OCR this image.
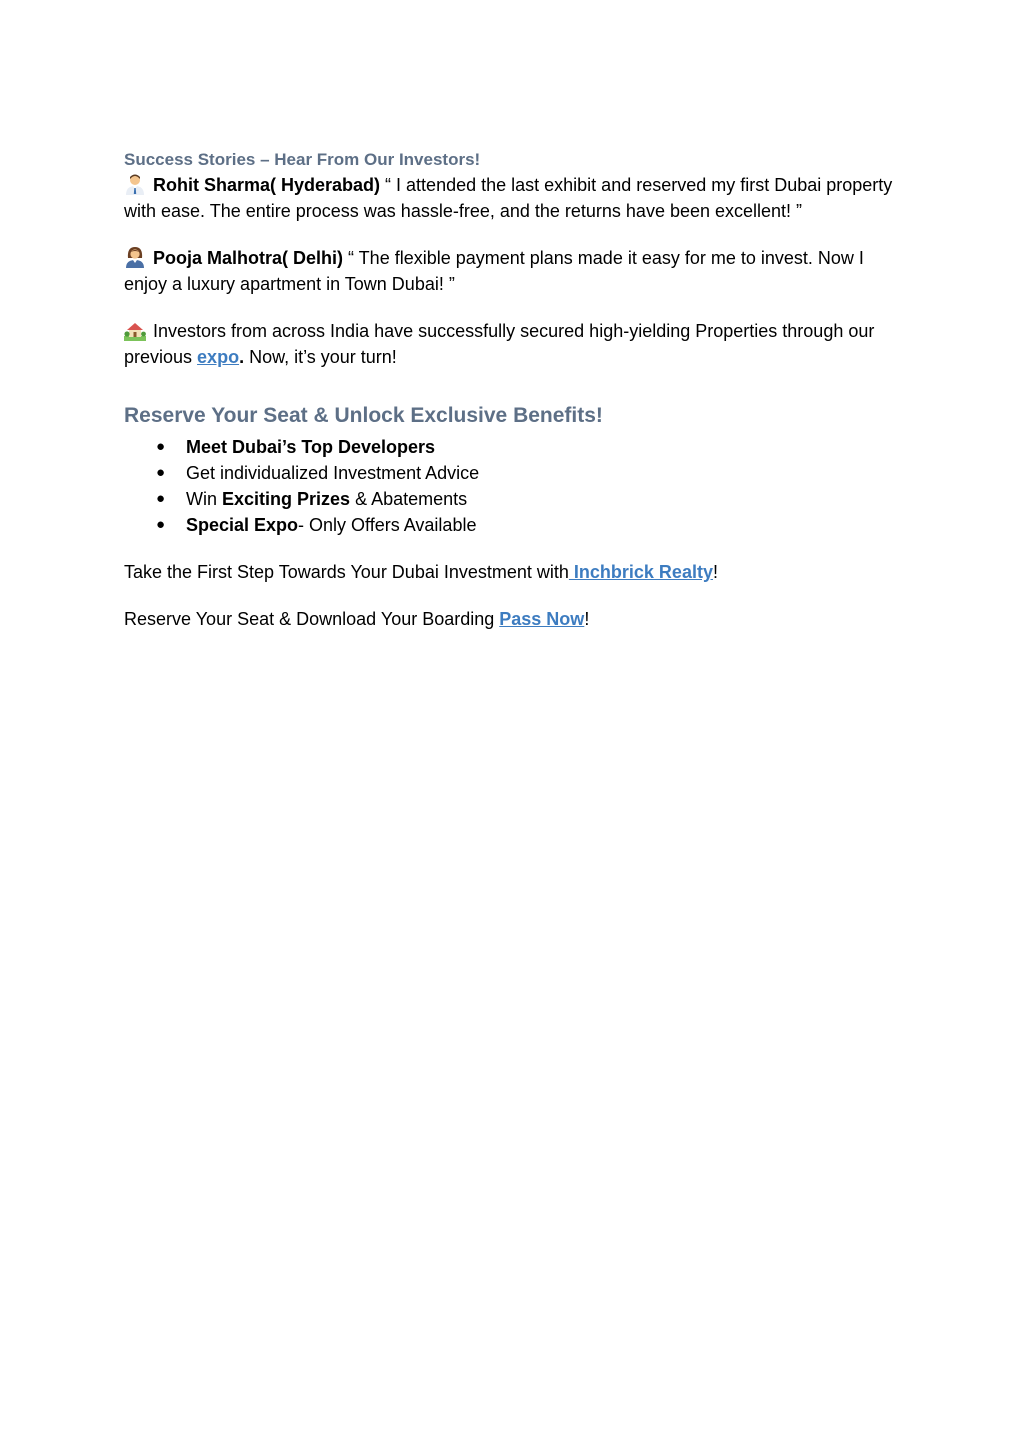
Success Stories – Hear From Our Investors!

Rohit Sharma( Hyderabad) “ I attended the last exhibit and reserved my first Dubai property with ease. The entire process was hassle-free, and the returns have been excellent! ”

Pooja Malhotra( Delhi) “ The flexible payment plans made it easy for me to invest. Now I enjoy a luxury apartment in Town Dubai! ”

Investors from across India have successfully secured high-yielding Properties through our previous expo. Now, it’s your turn!

Reserve Your Seat & Unlock Exclusive Benefits!

● Meet Dubai’s Top Developers
● Get individualized Investment Advice
● Win Exciting Prizes & Abatements
● Special Expo- Only Offers Available

Take the First Step Towards Your Dubai Investment with Inchbrick Realty!

Reserve Your Seat & Download Your Boarding Pass Now!
